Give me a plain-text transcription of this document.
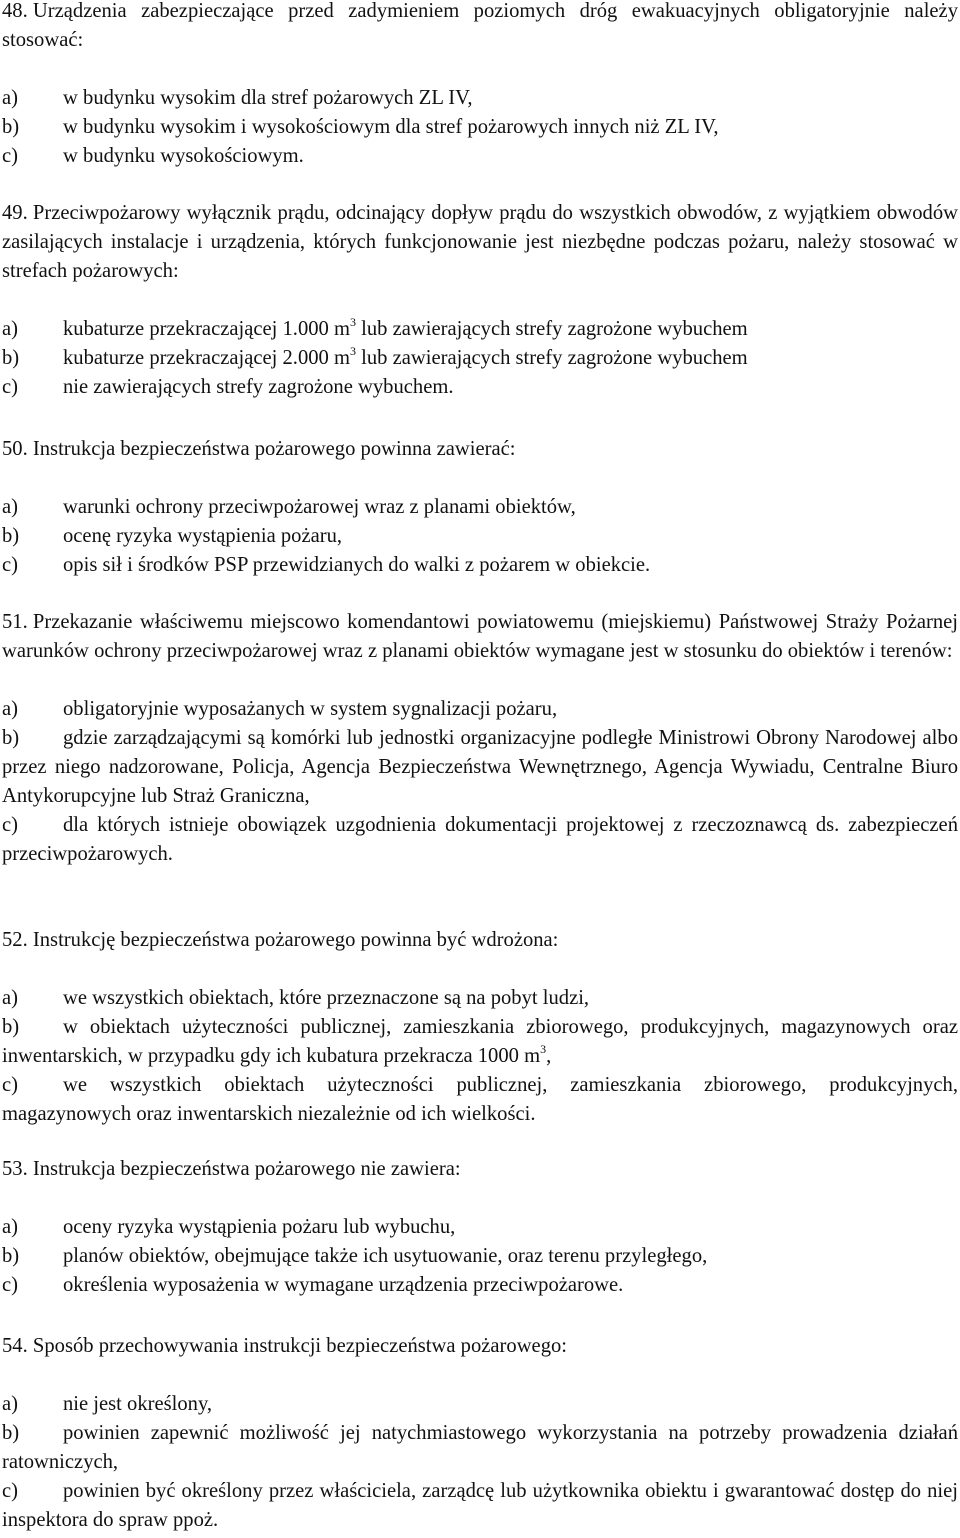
48. Urządzenia zabezpieczające przed zadymieniem poziomych dróg ewakuacyjnych obligatoryjnie należy stosować:

a) w budynku wysokim dla stref pożarowych ZL IV,

b) w budynku wysokim i wysokościowym dla stref pożarowych innych niż ZL IV,

c) w budynku wysokościowym.

49. Przeciwpożarowy wyłącznik prądu, odcinający dopływ prądu do wszystkich obwodów, z wyjątkiem obwodów zasilających instalacje i urządzenia, których funkcjonowanie jest niezbędne podczas pożaru, należy stosować w strefach pożarowych:

a) kubaturze przekraczającej 1.000 $m^3$ lub zawierających strefy zagrożone wybuchem

b) kubaturze przekraczającej 2.000 $m^3$ lub zawierających strefy zagrożone wybuchem

c) nie zawierających strefy zagrożone wybuchem.

50. Instrukcja bezpieczeństwa pożarowego powinna zawierać:

a) warunki ochrony przeciwpożarowej wraz z planami obiektów,

b) ocenę ryzyka wystąpienia pożaru,

c) opis sił i środków PSP przewidzianych do walki z pożarem w obiekcie.

51. Przekazanie właściwemu miejscowo komendantowi powiatowemu (miejskiemu) Państwowej Straży Pożarnej warunków ochrony przeciwpożarowej wraz z planami obiektów wymagane jest w stosunku do obiektów i terenów:

a) obligatoryjnie wyposażanych w system sygnalizacji pożaru,

b) gdzie zarządzającymi są komórki lub jednostki organizacyjne podległe Ministrowi Obrony Narodowej albo przez niego nadzorowane, Policja, Agencja Bezpieczeństwa Wewnętrznego, Agencja Wywiadu, Centralne Biuro Antykorupcyjne lub Straż Graniczna,

c) dla których istnieje obowiązek uzgodnienia dokumentacji projektowej z rzeczoznawcą ds. zabezpieczeń przeciwpożarowych.

52. Instrukcję bezpieczeństwa pożarowego powinna być wdrożona:

a) we wszystkich obiektach, które przeznaczone są na pobyt ludzi,

b) w obiektach użyteczności publicznej, zamieszkania zbiorowego, produkcyjnych, magazynowych oraz inwentarskich, w przypadku gdy ich kubatura przekracza 1000 $m^3$,

c) we wszystkich obiektach użyteczności publicznej, zamieszkania zbiorowego, produkcyjnych, magazynowych oraz inwentarskich niezależnie od ich wielkości.

53. Instrukcja bezpieczeństwa pożarowego nie zawiera:

a) oceny ryzyka wystąpienia pożaru lub wybuchu,

b) planów obiektów, obejmujące także ich usytuowanie, oraz terenu przyległego,

c) określenia wyposażenia w wymagane urządzenia przeciwpożarowe.

54. Sposób przechowywania instrukcji bezpieczeństwa pożarowego:

a) nie jest określony,

b) powinien zapewnić możliwość jej natychmiastowego wykorzystania na potrzeby prowadzenia działań ratowniczych,

c) powinien być określony przez właściciela, zarządcę lub użytkownika obiektu i gwarantować dostęp do niej inspektora do spraw ppoż.
